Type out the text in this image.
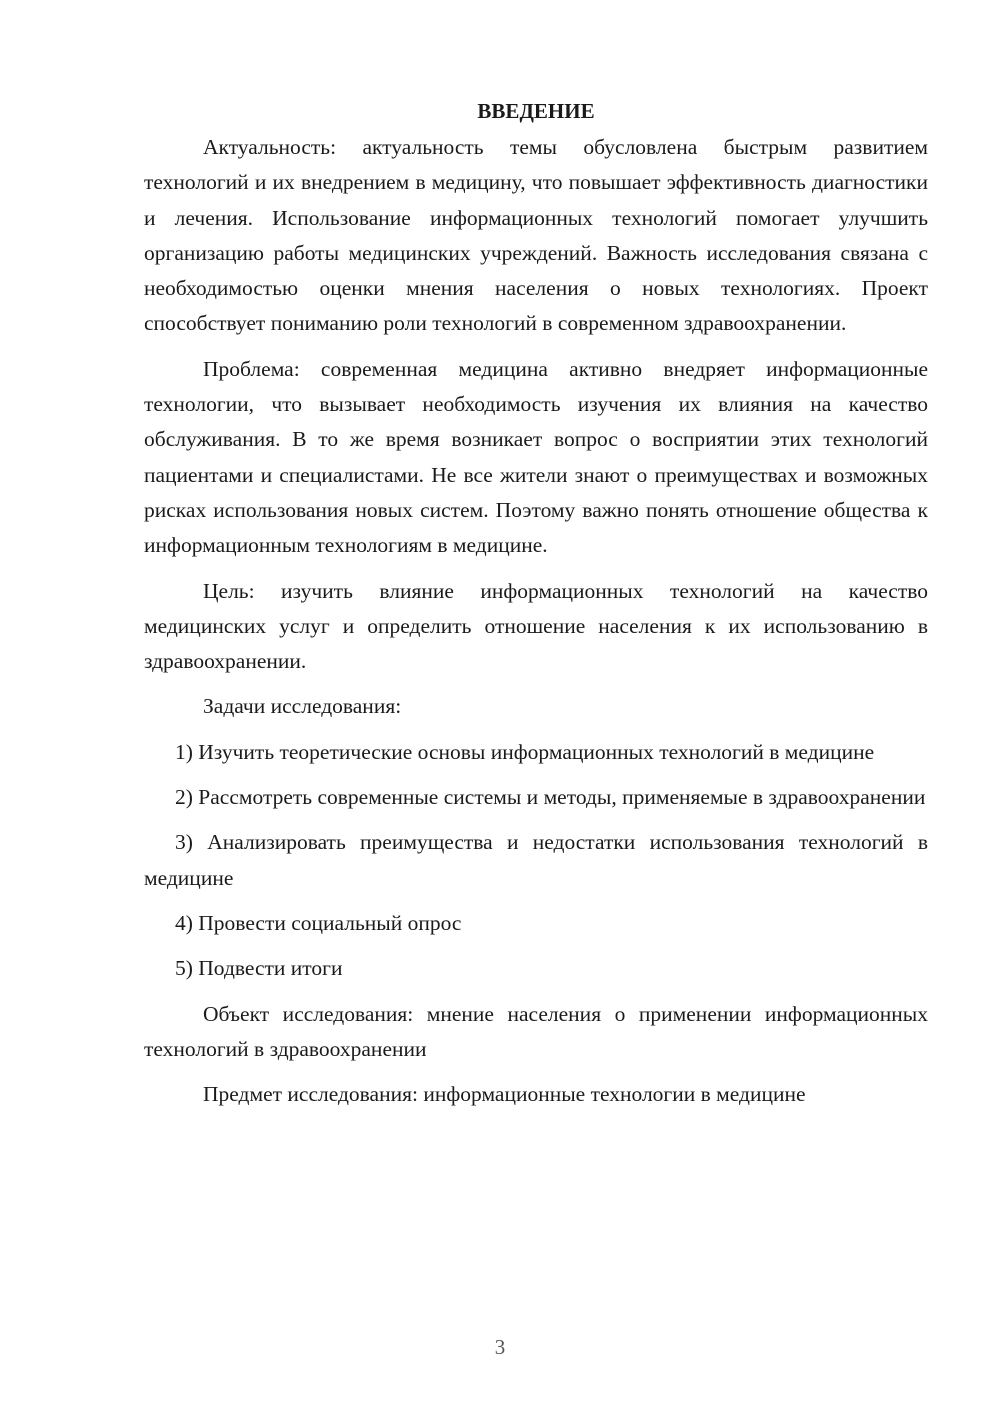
ВВЕДЕНИЕ

Актуальность: актуальность темы обусловлена быстрым развитием технологий и их внедрением в медицину, что повышает эффективность диагностики и лечения. Использование информационных технологий помогает улучшить организацию работы медицинских учреждений. Важность исследования связана с необходимостью оценки мнения населения о новых технологиях. Проект способствует пониманию роли технологий в современном здравоохранении.

Проблема: современная медицина активно внедряет информационные технологии, что вызывает необходимость изучения их влияния на качество обслуживания. В то же время возникает вопрос о восприятии этих технологий пациентами и специалистами. Не все жители знают о преимуществах и возможных рисках использования новых систем. Поэтому важно понять отношение общества к информационным технологиям в медицине.

Цель: изучить влияние информационных технологий на качество медицинских услуг и определить отношение населения к их использованию в здравоохранении.

Задачи исследования:

1) Изучить теоретические основы информационных технологий в медицине

2) Рассмотреть современные системы и методы, применяемые в здравоохранении

3) Анализировать преимущества и недостатки использования технологий в медицине

4) Провести социальный опрос

5) Подвести итоги

Объект исследования: мнение населения о применении информационных технологий в здравоохранении

Предмет исследования: информационные технологии в медицине

3
